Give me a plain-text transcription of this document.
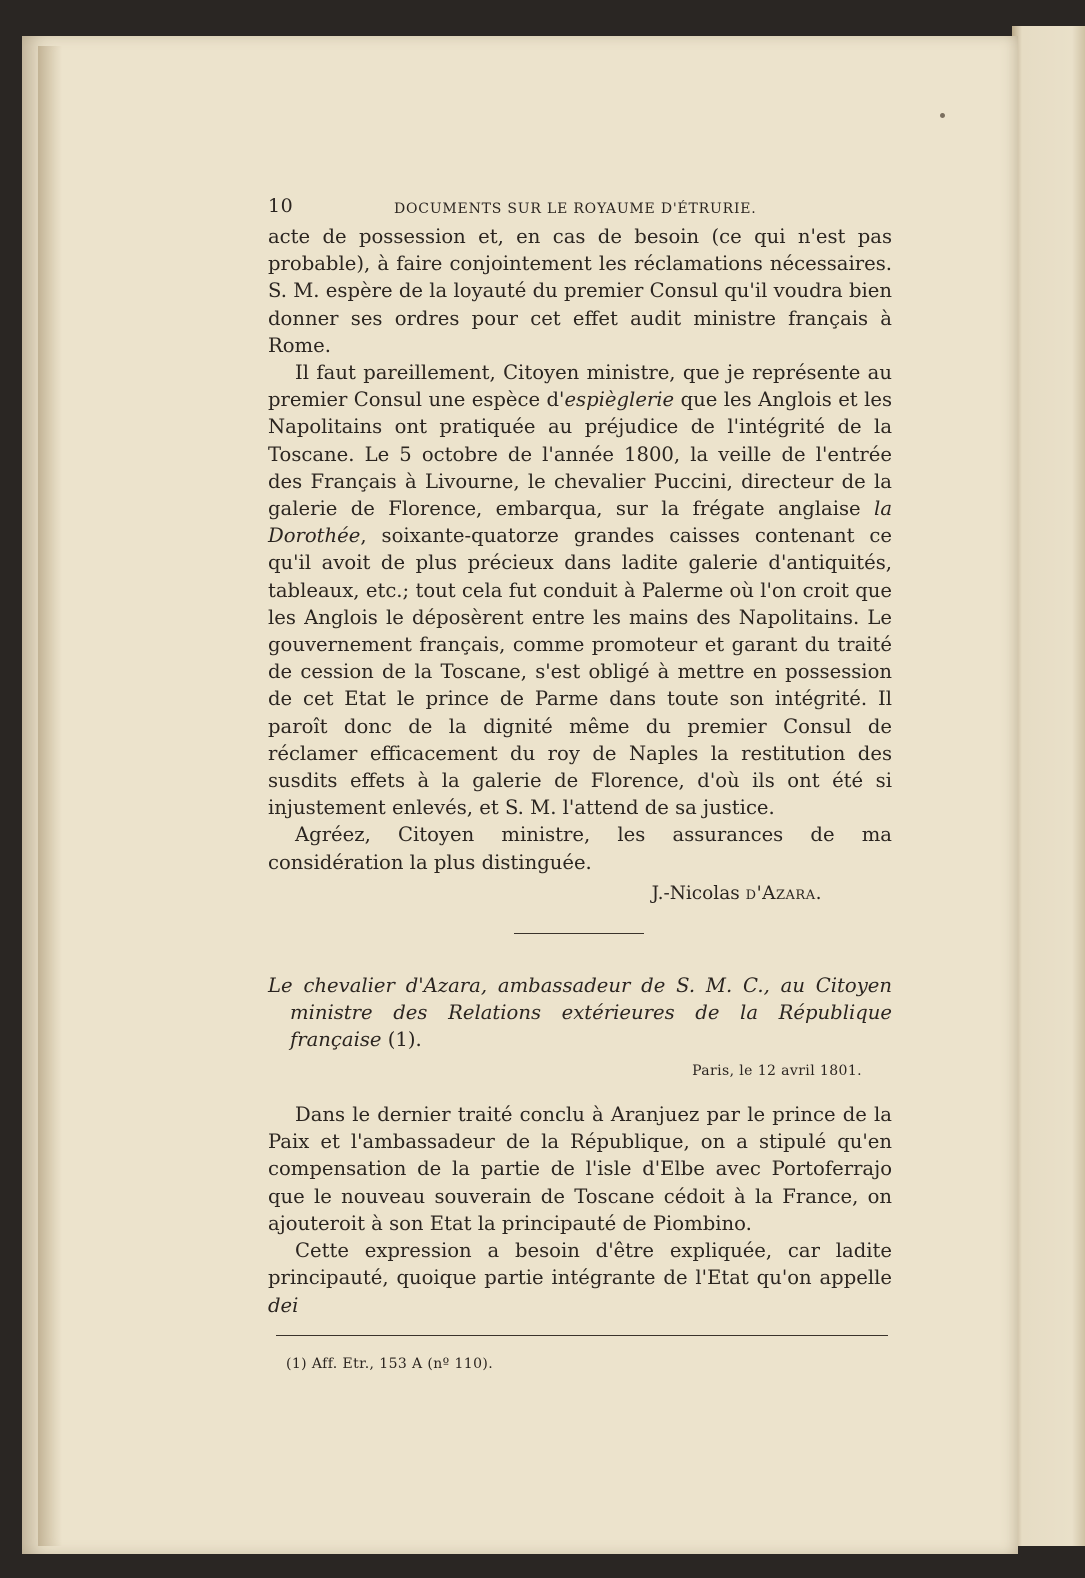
10	DOCUMENTS SUR LE ROYAUME D'ÉTRURIE.

acte de possession et, en cas de besoin (ce qui n'est pas probable), à faire conjointement les réclamations nécessaires. S. M. espère de la loyauté du premier Consul qu'il voudra bien donner ses ordres pour cet effet audit ministre français à Rome.

Il faut pareillement, Citoyen ministre, que je représente au premier Consul une espèce d'espièglerie que les Anglois et les Napolitains ont pratiquée au préjudice de l'intégrité de la Toscane. Le 5 octobre de l'année 1800, la veille de l'entrée des Français à Livourne, le chevalier Puccini, directeur de la galerie de Florence, embarqua, sur la frégate anglaise la Dorothée, soixante-quatorze grandes caisses contenant ce qu'il avoit de plus précieux dans ladite galerie d'antiquités, tableaux, etc.; tout cela fut conduit à Palerme où l'on croit que les Anglois le déposèrent entre les mains des Napolitains. Le gouvernement français, comme promoteur et garant du traité de cession de la Toscane, s'est obligé à mettre en possession de cet Etat le prince de Parme dans toute son intégrité. Il paroît donc de la dignité même du premier Consul de réclamer efficacement du roy de Naples la restitution des susdits effets à la galerie de Florence, d'où ils ont été si injustement enlevés, et S. M. l'attend de sa justice.

Agréez, Citoyen ministre, les assurances de ma considération la plus distinguée.

J.-Nicolas d'Azara.

Le chevalier d'Azara, ambassadeur de S. M. C., au Citoyen ministre des Relations extérieures de la République française (1).

Paris, le 12 avril 1801.

Dans le dernier traité conclu à Aranjuez par le prince de la Paix et l'ambassadeur de la République, on a stipulé qu'en compensation de la partie de l'isle d'Elbe avec Portoferrajo que le nouveau souverain de Toscane cédoit à la France, on ajouteroit à son Etat la principauté de Piombino.

Cette expression a besoin d'être expliquée, car ladite principauté, quoique partie intégrante de l'Etat qu'on appelle dei

(1) Aff. Etr., 153 A (nº 110).
